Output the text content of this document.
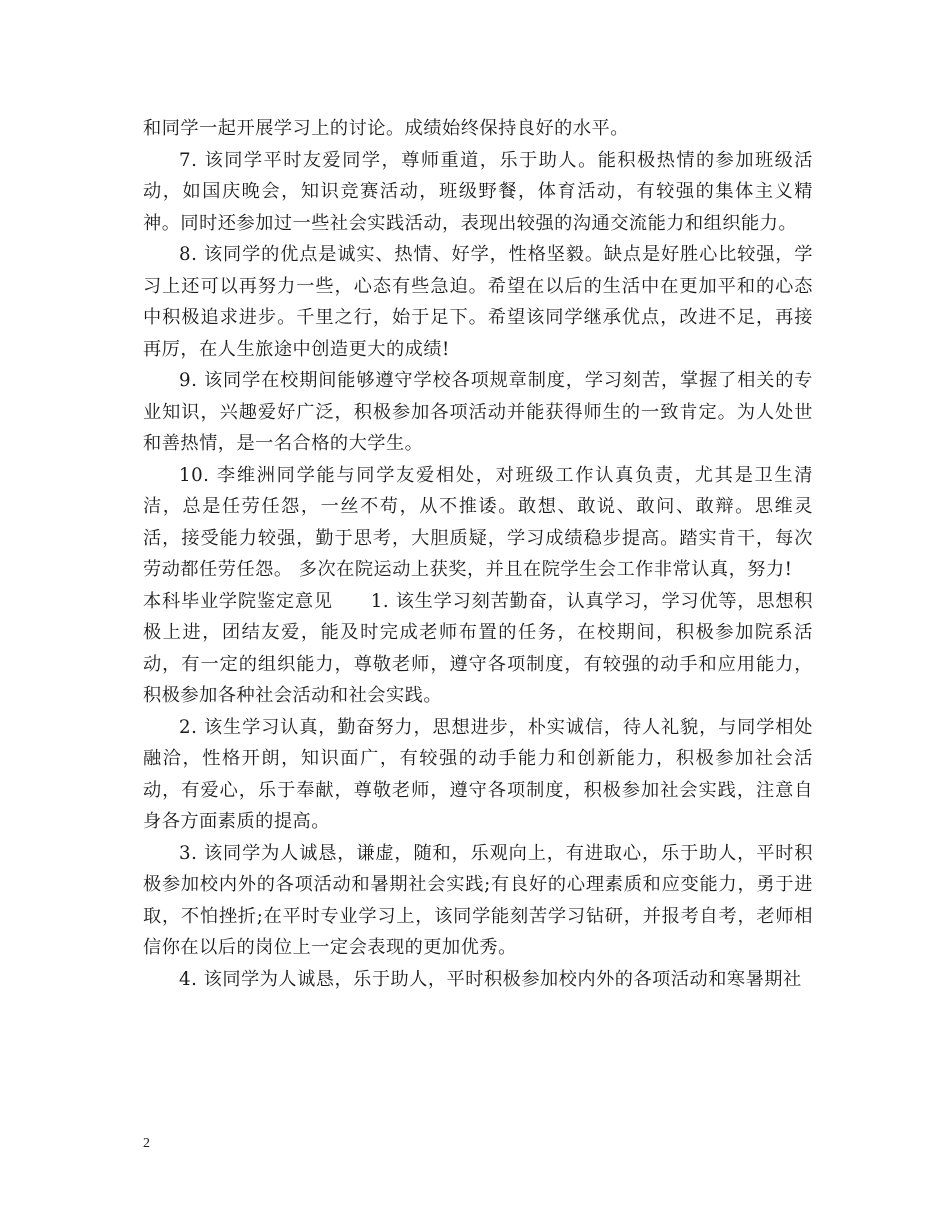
和同学一起开展学习上的讨论。成绩始终保持良好的水平。

7. 该同学平时友爱同学，尊师重道，乐于助人。能积极热情的参加班级活动，如国庆晚会，知识竞赛活动，班级野餐，体育活动，有较强的集体主义精神。同时还参加过一些社会实践活动，表现出较强的沟通交流能力和组织能力。

8. 该同学的优点是诚实、热情、好学，性格坚毅。缺点是好胜心比较强，学习上还可以再努力一些，心态有些急迫。希望在以后的生活中在更加平和的心态中积极追求进步。千里之行，始于足下。希望该同学继承优点，改进不足，再接再厉，在人生旅途中创造更大的成绩!

9. 该同学在校期间能够遵守学校各项规章制度，学习刻苦，掌握了相关的专业知识，兴趣爱好广泛，积极参加各项活动并能获得师生的一致肯定。为人处世和善热情，是一名合格的大学生。

10. 李维洲同学能与同学友爱相处，对班级工作认真负责，尤其是卫生清洁，总是任劳任怨，一丝不苟，从不推诿。敢想、敢说、敢问、敢辩。思维灵活，接受能力较强，勤于思考，大胆质疑，学习成绩稳步提高。踏实肯干，每次劳动都任劳任怨。 多次在院运动上获奖，并且在院学生会工作非常认真，努力!

本科毕业学院鉴定意见　　1. 该生学习刻苦勤奋，认真学习，学习优等，思想积极上进，团结友爱，能及时完成老师布置的任务，在校期间，积极参加院系活动，有一定的组织能力，尊敬老师，遵守各项制度，有较强的动手和应用能力，积极参加各种社会活动和社会实践。

2. 该生学习认真，勤奋努力，思想进步，朴实诚信，待人礼貌，与同学相处融洽，性格开朗，知识面广，有较强的动手能力和创新能力，积极参加社会活动，有爱心，乐于奉献，尊敬老师，遵守各项制度，积极参加社会实践，注意自身各方面素质的提高。

3. 该同学为人诚恳，谦虚，随和，乐观向上，有进取心，乐于助人，平时积极参加校内外的各项活动和暑期社会实践;有良好的心理素质和应变能力，勇于进取，不怕挫折;在平时专业学习上，该同学能刻苦学习钻研，并报考自考，老师相信你在以后的岗位上一定会表现的更加优秀。

4. 该同学为人诚恳，乐于助人，平时积极参加校内外的各项活动和寒暑期社

2
